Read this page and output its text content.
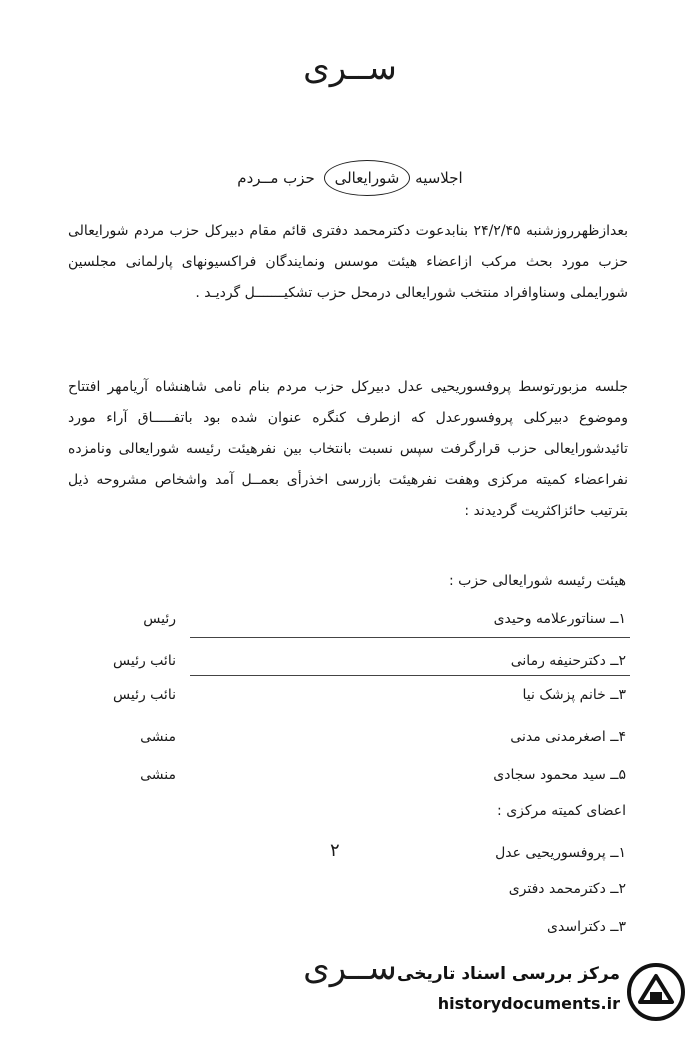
ســری
اجلاسیه شورایعالی حزب مــردم
بعدازظهرروزشنبه ۲۴/۲/۴۵ بنابدعوت دکترمحمد دفتری قائم مقام دبیرکل حزب مردم شورایعالی حزب مورد بحث مرکب ازاعضاء هیئت موسس ونمایندگان فراکسیونهای پارلمانی مجلسین شورایملی وسناوافراد منتخب شورایعالی درمحل حزب تشکیـــــــل گردیـد .
جلسه مزبورتوسط پروفسوریحیی عدل دبیرکل حزب مردم بنام نامی شاهنشاه آریامهر افتتاح وموضوع دبیرکلی پروفسورعدل که ازطرف کنگره عنوان شده بود باتفـــــاق آراء مورد تائیدشورایعالی حزب قرارگرفت سپس نسبت بانتخاب بین نفرهیئت رئیسه شورایعالی ونامزده نفراعضاء کمیته مرکزی وهفت نفرهیئت بازرسی اخذرأی بعمــل آمد واشخاص مشروحه ذیل بترتیب حائزاکثریت گردیدند :
هیئت رئیسه شورایعالی حزب :
۱ــ سناتورعلامه وحیدی
رئیس
۲ــ دکترحنیفه رمانی
نائب رئیس
۳ــ خانم پزشک نیا
نائب رئیس
۴ــ اصغرمدنی مدنی
منشی
۵ــ سید محمود سجادی
منشی
اعضای کمیته مرکزی :
۱ــ پروفسوریحیی عدل
۲ــ دکترمحمد دفتری
۳ــ دکتراسدی
۲
ســری مرکز بررسی اسناد تاریخی
historydocuments.ir
